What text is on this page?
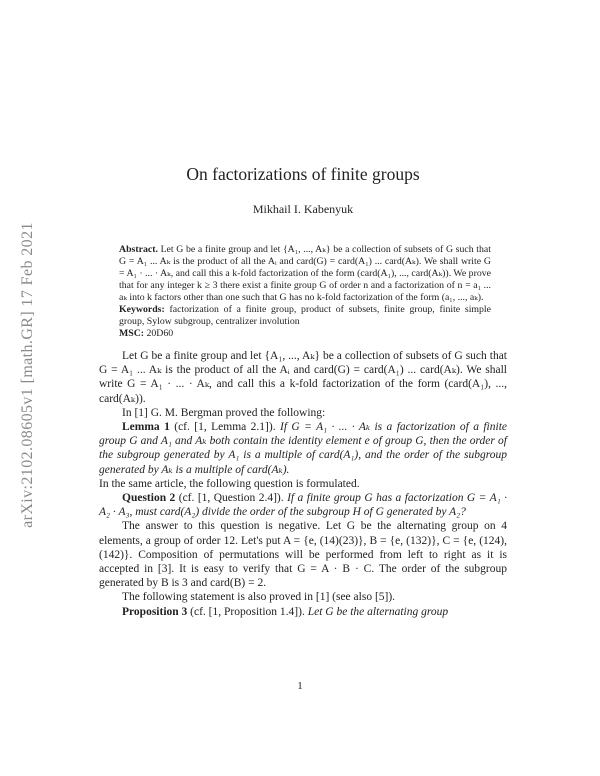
arXiv:2102.08605v1 [math.GR] 17 Feb 2021
On factorizations of finite groups
Mikhail I. Kabenyuk

Abstract. Let G be a finite group and let {A₁, ..., Aₖ} be a collection of subsets of G such that G = A₁ ... Aₖ is the product of all the Aᵢ and card(G) = card(A₁) ... card(Aₖ). We shall write G = A₁ · ... · Aₖ, and call this a k-fold factorization of the form (card(A₁), ..., card(Aₖ)). We prove that for any integer k ≥ 3 there exist a finite group G of order n and a factorization of n = a₁ ... aₖ into k factors other than one such that G has no k-fold factorization of the form (a₁, ..., aₖ).

Keywords: factorization of a finite group, product of subsets, finite group, finite simple group, Sylow subgroup, centralizer involution

MSC: 20D60

Let G be a finite group and let {A₁, ..., Aₖ} be a collection of subsets of G such that G = A₁ ... Aₖ is the product of all the Aᵢ and card(G) = card(A₁) ... card(Aₖ). We shall write G = A₁ · ... · Aₖ, and call this a k-fold factorization of the form (card(A₁), ..., card(Aₖ)).

In [1] G. M. Bergman proved the following:

Lemma 1 (cf. [1, Lemma 2.1]). If G = A₁ · ... · Aₖ is a factorization of a finite group G and A₁ and Aₖ both contain the identity element e of group G, then the order of the subgroup generated by A₁ is a multiple of card(A₁), and the order of the subgroup generated by Aₖ is a multiple of card(Aₖ).

In the same article, the following question is formulated.

Question 2 (cf. [1, Question 2.4]). If a finite group G has a factorization G = A₁ · A₂ · A₃, must card(A₂) divide the order of the subgroup H of G generated by A₂?

The answer to this question is negative. Let G be the alternating group on 4 elements, a group of order 12. Let's put A = {e, (14)(23)}, B = {e, (132)}, C = {e, (124), (142)}. Composition of permutations will be performed from left to right as it is accepted in [3]. It is easy to verify that G = A · B · C. The order of the subgroup generated by B is 3 and card(B) = 2.

The following statement is also proved in [1] (see also [5]).

Proposition 3 (cf. [1, Proposition 1.4]). Let G be the alternating group

1
